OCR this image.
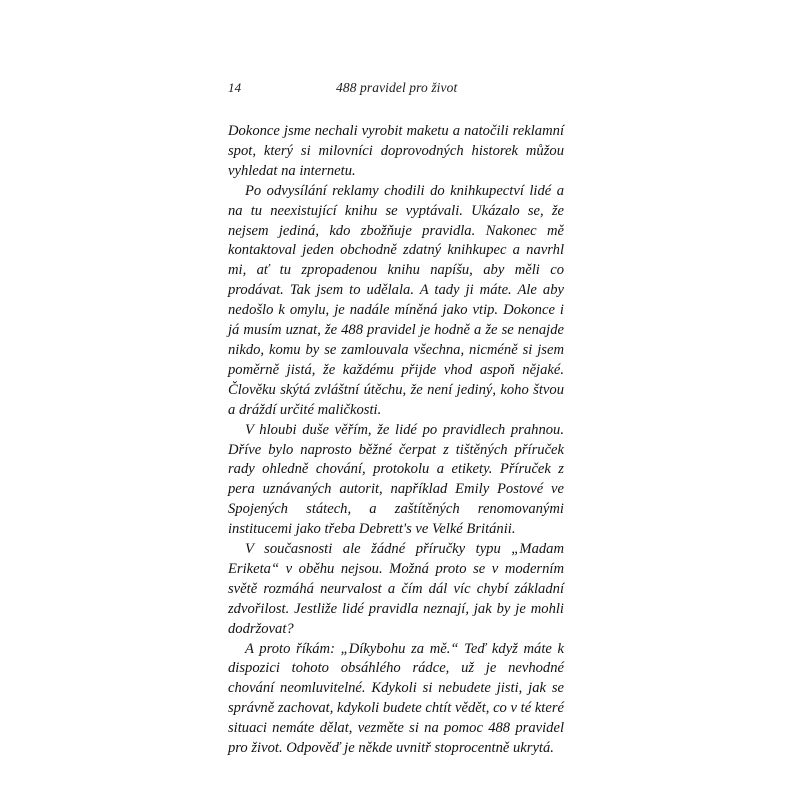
14	488 pravidel pro život

Dokonce jsme nechali vyrobit maketu a natočili reklamní spot, který si milovníci doprovodných historek můžou vyhledat na internetu.

Po odvysílání reklamy chodili do knihkupectví lidé a na tu neexistující knihu se vyptávali. Ukázalo se, že nejsem jediná, kdo zbožňuje pravidla. Nakonec mě kontaktoval jeden obchodně zdatný knihkupec a navrhl mi, ať tu zpropadenou knihu napíšu, aby měli co prodávat. Tak jsem to udělala. A tady ji máte. Ale aby nedošlo k omylu, je nadále míněná jako vtip. Dokonce i já musím uznat, že 488 pravidel je hodně a že se nenajde nikdo, komu by se zamlouvala všechna, nicméně si jsem poměrně jistá, že každému přijde vhod aspoň nějaké. Člověku skýtá zvláštní útěchu, že není jediný, koho štvou a dráždí určité maličkosti.

V hloubi duše věřím, že lidé po pravidlech prahnou. Dříve bylo naprosto běžné čerpat z tištěných příruček rady ohledně chování, protokolu a etikety. Příruček z pera uznávaných autorit, například Emily Postové ve Spojených státech, a zaštítěných renomovanými institucemi jako třeba Debrett's ve Velké Británii.

V současnosti ale žádné příručky typu „Madam Eriketa“ v oběhu nejsou. Možná proto se v moderním světě rozmáhá neurvalost a čím dál víc chybí základní zdvořilost. Jestliže lidé pravidla neznají, jak by je mohli dodržovat?

A proto říkám: „Díkybohu za mě.“ Teď když máte k dispozici tohoto obsáhlého rádce, už je nevhodné chování neomluvitelné. Kdykoli si nebudete jisti, jak se správně zachovat, kdykoli budete chtít vědět, co v té které situaci nemáte dělat, vezměte si na pomoc 488 pravidel pro život. Odpověď je někde uvnitř stoprocentně ukrytá.
